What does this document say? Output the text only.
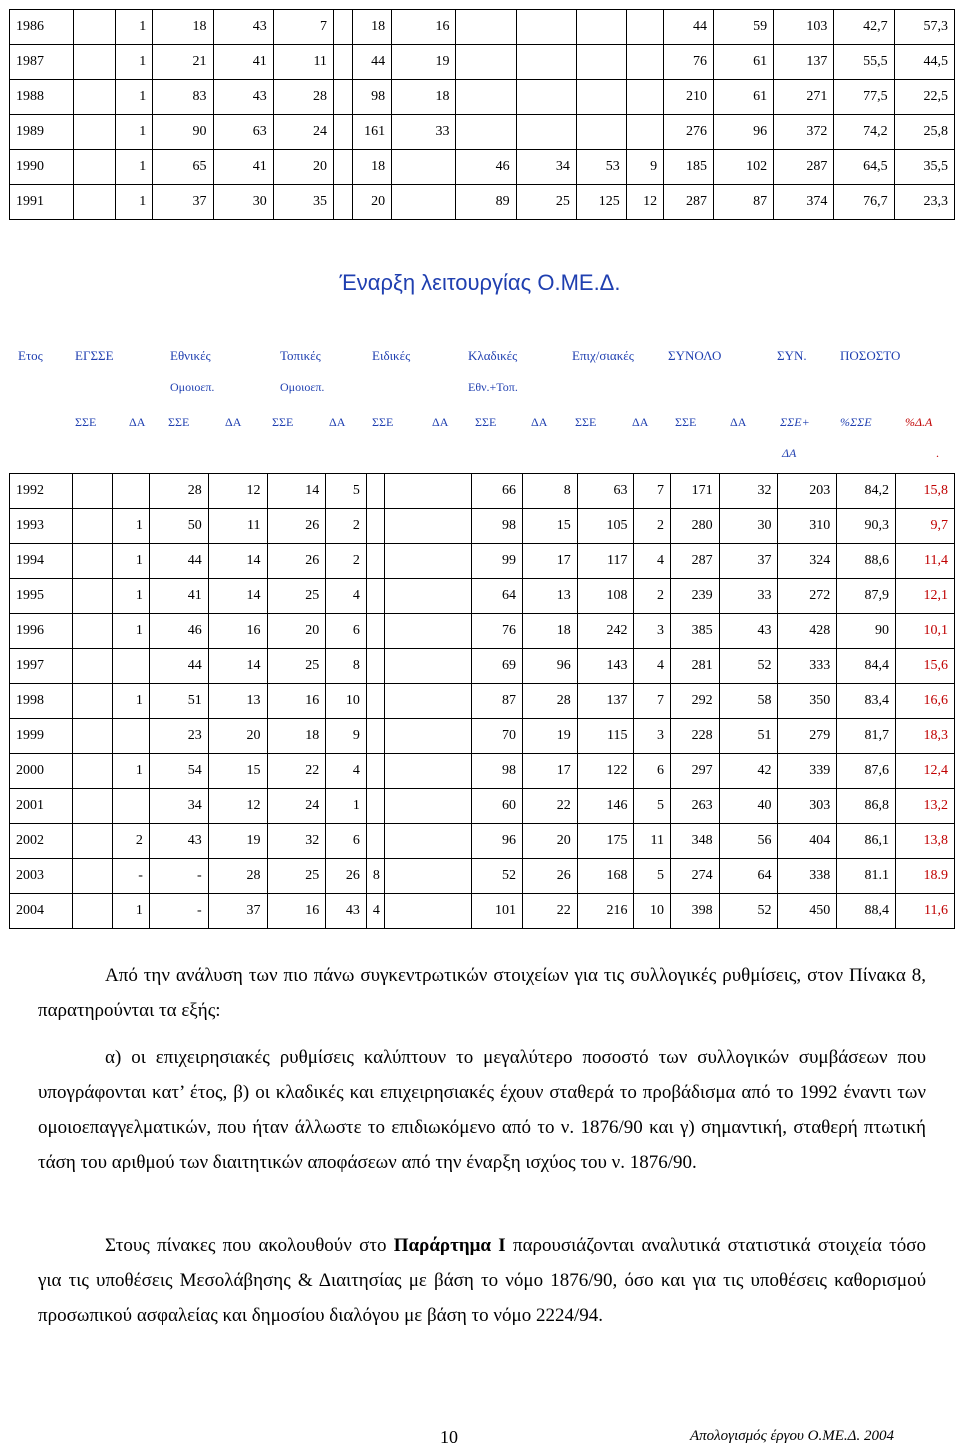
1986		1	18	43	7		18	16					44	59	103	42,7	57,3
1987		1	21	41	11		44	19					76	61	137	55,5	44,5
1988		1	83	43	28		98	18					210	61	271	77,5	22,5
1989		1	90	63	24		161	33					276	96	372	74,2	25,8
1990		1	65	41	20		18		46	34	53	9	185	102	287	64,5	35,5
1991		1	37	30	35		20		89	25	125	12	287	87	374	76,7	23,3
Έναρξη λειτουργίας Ο.ΜΕ.Δ.
Ετος ΕΓΣΣΕ	Εθνικές	Τοπικές	Ειδικές	Κλαδικές	Επιχ/σιακές	ΣΥΝΟΛΟ	ΣΥΝ.	ΠΟΣΟΣΤΟ
Ομοιοεπ.	Ομοιοεπ.	Εθν.+Τοπ.
ΣΣΕ	ΔΑ ΣΣΕ	ΔΑ	ΣΣΕ	ΔΑ ΣΣΕ	ΔΑ ΣΣΕ	ΔΑ ΣΣΕ	ΔΑ ΣΣΕ	ΔΑ	ΣΣΕ+	%ΣΣΕ	%Δ.Α
ΔΑ	.
1992			28	12	14	5			66	8	63	7	171	32	203	84,2	15,8
1993		1	50	11	26	2			98	15	105	2	280	30	310	90,3	9,7
1994		1	44	14	26	2			99	17	117	4	287	37	324	88,6	11,4
1995		1	41	14	25	4			64	13	108	2	239	33	272	87,9	12,1
1996		1	46	16	20	6			76	18	242	3	385	43	428	90	10,1
1997			44	14	25	8			69	96	143	4	281	52	333	84,4	15,6
1998		1	51	13	16	10			87	28	137	7	292	58	350	83,4	16,6
1999			23	20	18	9			70	19	115	3	228	51	279	81,7	18,3
2000		1	54	15	22	4			98	17	122	6	297	42	339	87,6	12,4
2001			34	12	24	1			60	22	146	5	263	40	303	86,8	13,2
2002		2	43	19	32	6			96	20	175	11	348	56	404	86,1	13,8
2003		-	-	28	25	26	8		52	26	168	5	274	64	338	81.1	18.9
2004		1	-	37	16	43	4		101	22	216	10	398	52	450	88,4	11,6
Από την ανάλυση των πιο πάνω συγκεντρωτικών στοιχείων για τις συλλογικές ρυθμίσεις, στον Πίνακα 8, παρατηρούνται τα εξής:
α) οι επιχειρησιακές ρυθμίσεις καλύπτουν το μεγαλύτερο ποσοστό των συλλογικών συμβάσεων που υπογράφονται κατ’ έτος, β) οι κλαδικές και επιχειρησιακές έχουν σταθερά το προβάδισμα από το 1992 έναντι των ομοιοεπαγγελματικών, που ήταν άλλωστε το επιδιωκόμενο από το ν. 1876/90 και γ) σημαντική, σταθερή πτωτική τάση του αριθμού των διαιτητικών αποφάσεων από την έναρξη ισχύος του ν. 1876/90.
Στους πίνακες που ακολουθούν στο Παράρτημα Ι παρουσιάζονται αναλυτικά στατιστικά στοιχεία τόσο για τις υποθέσεις Μεσολάβησης & Διαιτησίας με βάση το νόμο 1876/90, όσο και για τις υποθέσεις καθορισμού προσωπικού ασφαλείας και δημοσίου διαλόγου με βάση το νόμο 2224/94.
10	Απολογισμός έργου Ο.ΜΕ.Δ. 2004
